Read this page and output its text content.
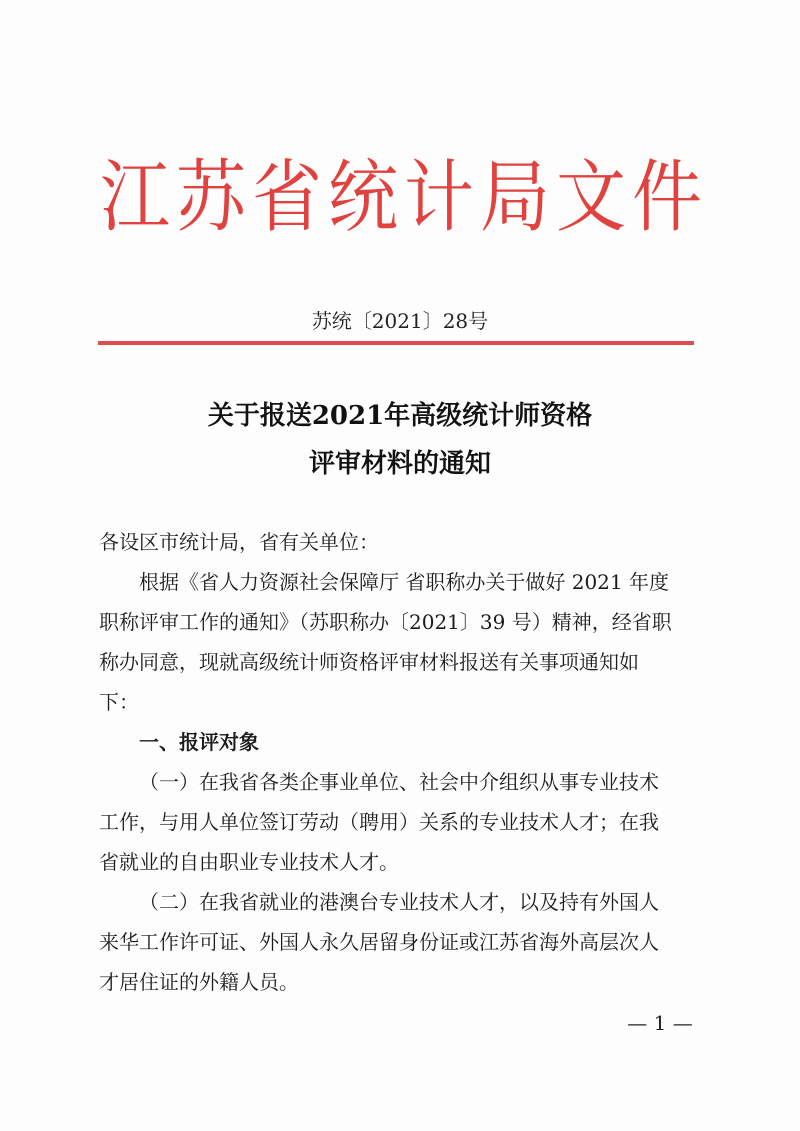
江苏省统计局文件
苏统〔2021〕28号
关于报送2021年高级统计师资格
评审材料的通知
各设区市统计局，省有关单位：
根据《省人力资源社会保障厅 省职称办关于做好 2021 年度
职称评审工作的通知》（苏职称办〔2021〕39 号）精神，经省职
称办同意，现就高级统计师资格评审材料报送有关事项通知如
下：
一、报评对象
（一）在我省各类企事业单位、社会中介组织从事专业技术
工作，与用人单位签订劳动（聘用）关系的专业技术人才；在我
省就业的自由职业专业技术人才。
（二）在我省就业的港澳台专业技术人才，以及持有外国人
来华工作许可证、外国人永久居留身份证或江苏省海外高层次人
才居住证的外籍人员。
— 1 —
